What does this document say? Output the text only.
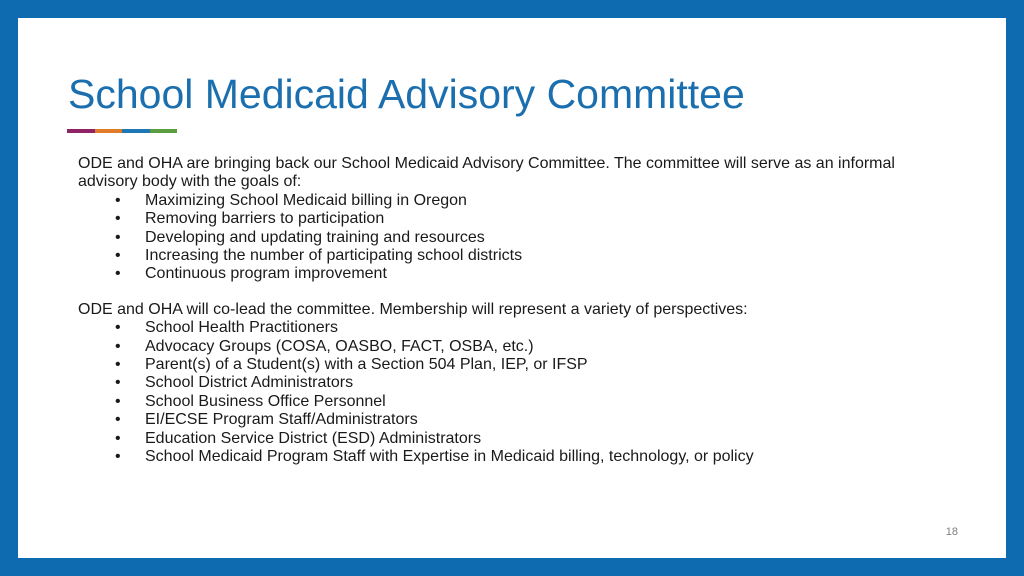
School Medicaid Advisory Committee

ODE and OHA are bringing back our School Medicaid Advisory Committee. The committee will serve as an informal advisory body with the goals of:

• Maximizing School Medicaid billing in Oregon
• Removing barriers to participation
• Developing and updating training and resources
• Increasing the number of participating school districts
• Continuous program improvement

ODE and OHA will co-lead the committee. Membership will represent a variety of perspectives:

• School Health Practitioners
• Advocacy Groups (COSA, OASBO, FACT, OSBA, etc.)
• Parent(s) of a Student(s) with a Section 504 Plan, IEP, or IFSP
• School District Administrators
• School Business Office Personnel
• EI/ECSE Program Staff/Administrators
• Education Service District (ESD) Administrators
• School Medicaid Program Staff with Expertise in Medicaid billing, technology, or policy
18
